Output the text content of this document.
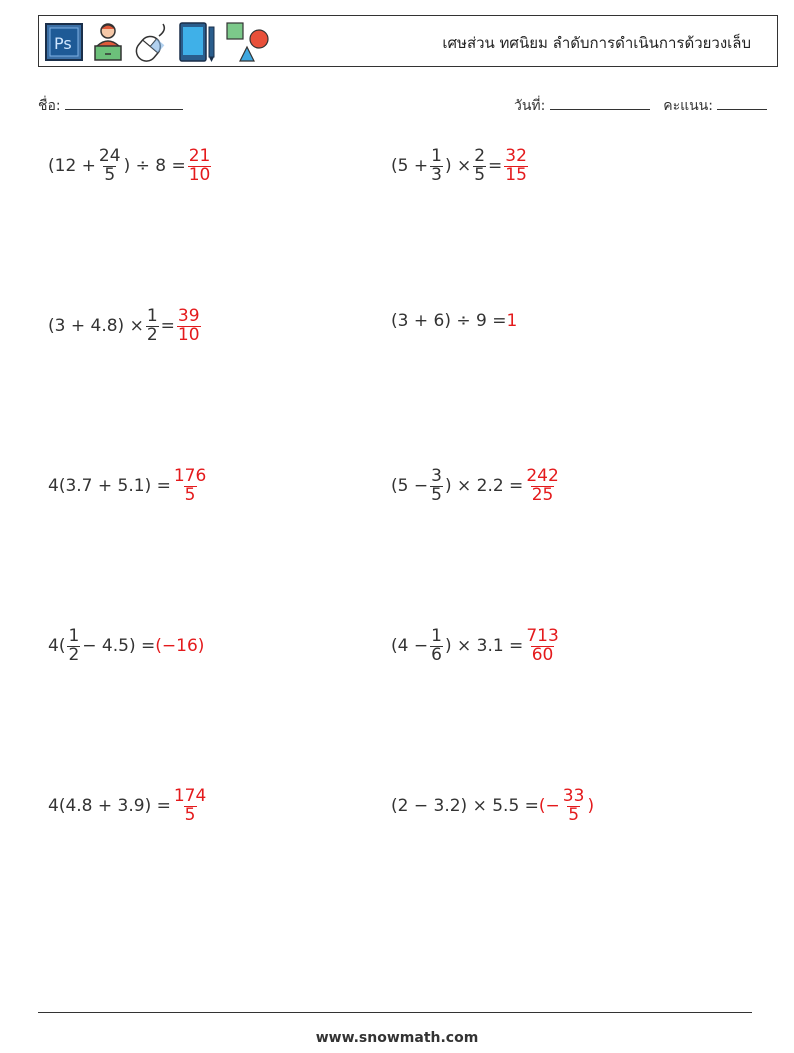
Ps	เศษส่วน ทศนิยม ลำดับการดำเนินการด้วยวงเล็บ
ชื่อ:	วันที่:	คะแนน:
($12 + \frac{24}{5}$ ) ÷ $8 = \frac{21}{10}$	($5 + \frac{1}{3}$ ) × $\frac{2}{5} = \frac{32}{15}$
$(3 + 4.8) \times \frac{1}{2} = \frac{39}{10}$	(3 + 6) ÷ 9 = 1
$4(3.7 + 5.1) = \frac{176}{5}$	($5 - \frac{3}{5}$ ) × $2.2 = \frac{242}{25}$
$4( \frac{1}{2} - 4.5) = (-16)$	($4 - \frac{1}{6}$ ) × $3.1 = \frac{713}{60}$
$4(4.8 + 3.9) = \frac{174}{5}$	(2 − 3.2) × 5.5 = (− $\frac{33}{5}$ )
www.snowmath.com
